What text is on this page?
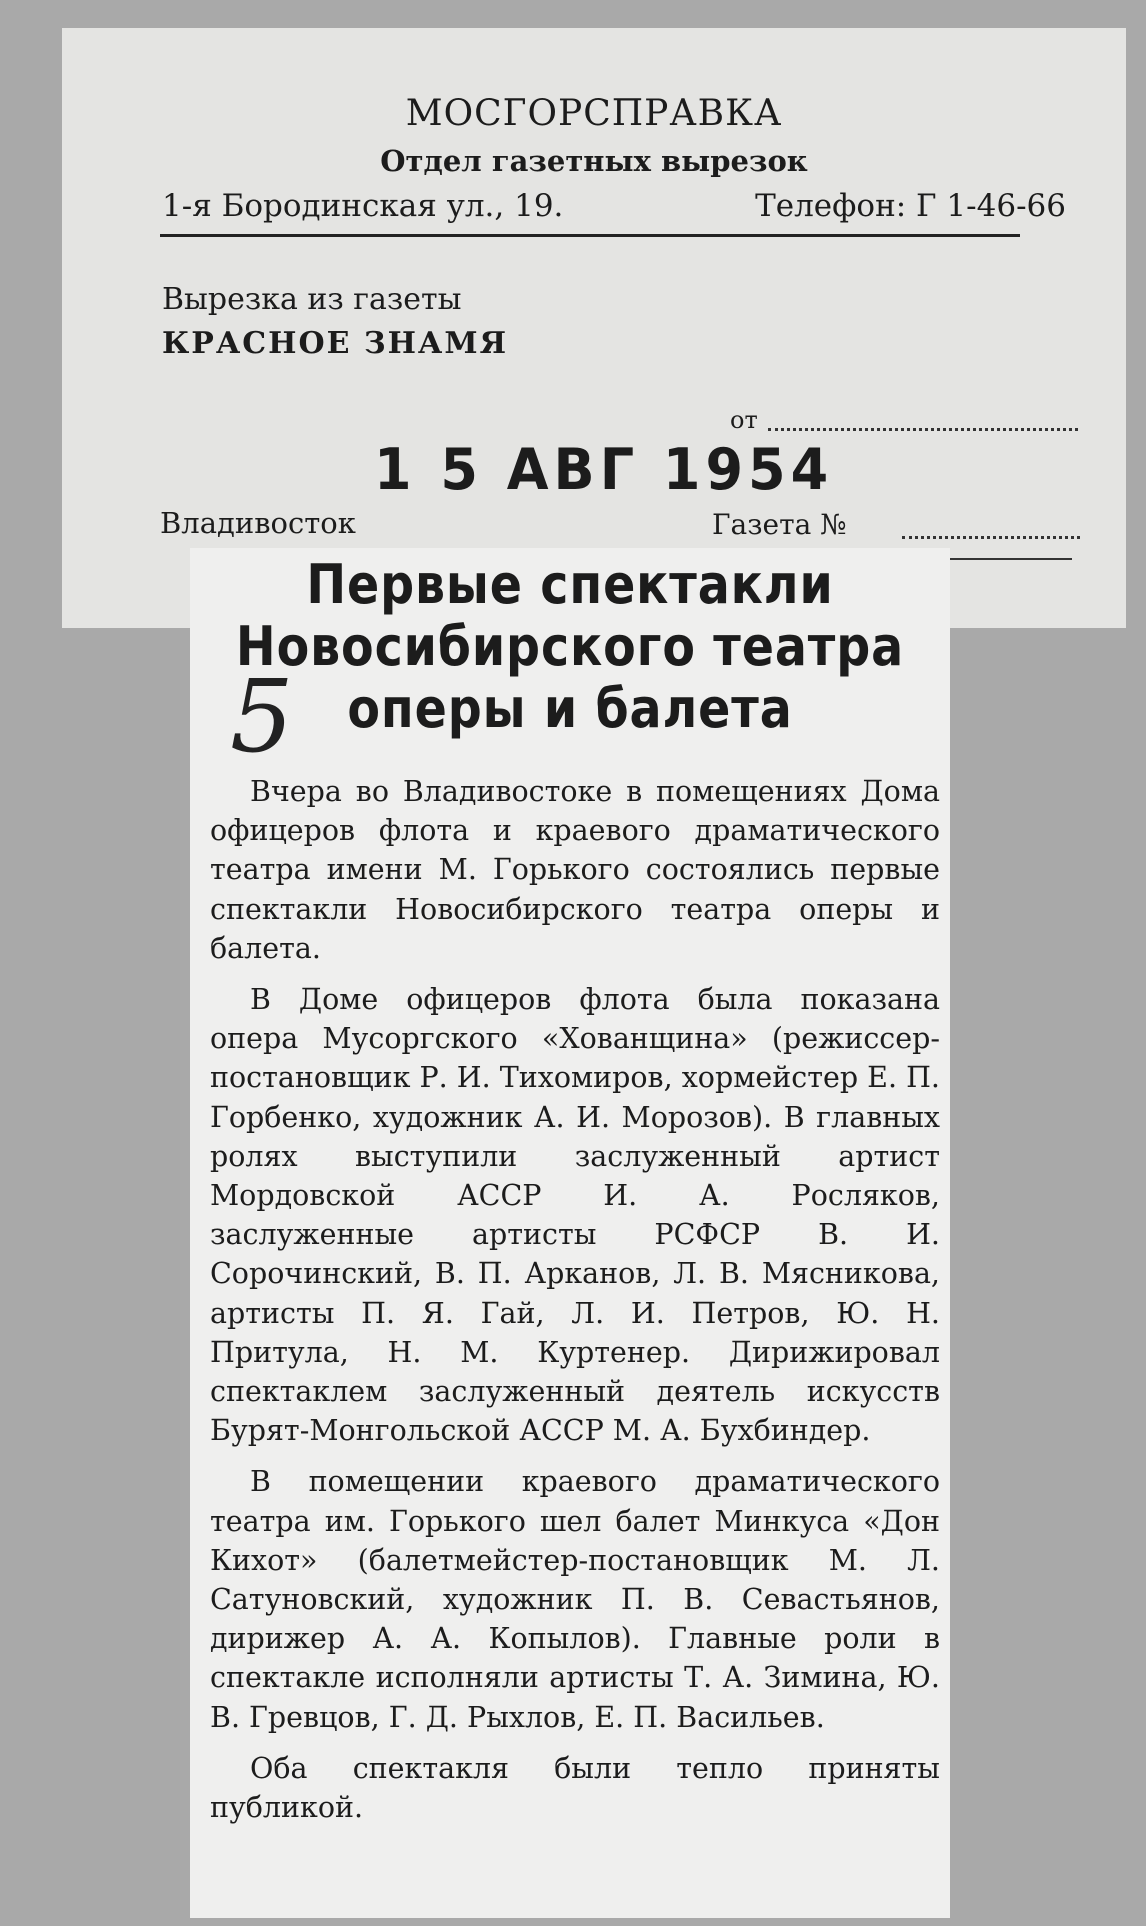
МОСГОРСПРАВКА
Отдел газетных вырезок
1-я Бородинская ул., 19.	Телефон: Г 1-46-66
Вырезка из газеты
КРАСНОЕ ЗНАМЯ
от
1 5 АВГ 1954
Владивосток	Газета №
Первые спектакли
Новосибирского театра
оперы и балета
5

Вчера во Владивостоке в помещениях Дома офицеров флота и краевого драматического театра имени М. Горького состоялись первые спектакли Новосибирского театра оперы и балета.

В Доме офицеров флота была показана опера Мусоргского «Хованщина» (режиссер-постановщик Р. И. Тихомиров, хормейстер Е. П. Горбенко, художник А. И. Морозов). В главных ролях выступили заслуженный артист Мордовской АССР И. А. Росляков, заслуженные артисты РСФСР В. И. Сорочинский, В. П. Арканов, Л. В. Мясникова, артисты П. Я. Гай, Л. И. Петров, Ю. Н. Притула, Н. М. Куртенер. Дирижировал спектаклем заслуженный деятель искусств Бурят-Монгольской АССР М. А. Бухбиндер.

В помещении краевого драматического театра им. Горького шел балет Минкуса «Дон Кихот» (балетмейстер-постановщик М. Л. Сатуновский, художник П. В. Севастьянов, дирижер А. А. Копылов). Главные роли в спектакле исполняли артисты Т. А. Зимина, Ю. В. Гревцов, Г. Д. Рыхлов, Е. П. Васильев.

Оба спектакля были тепло приняты публикой.
